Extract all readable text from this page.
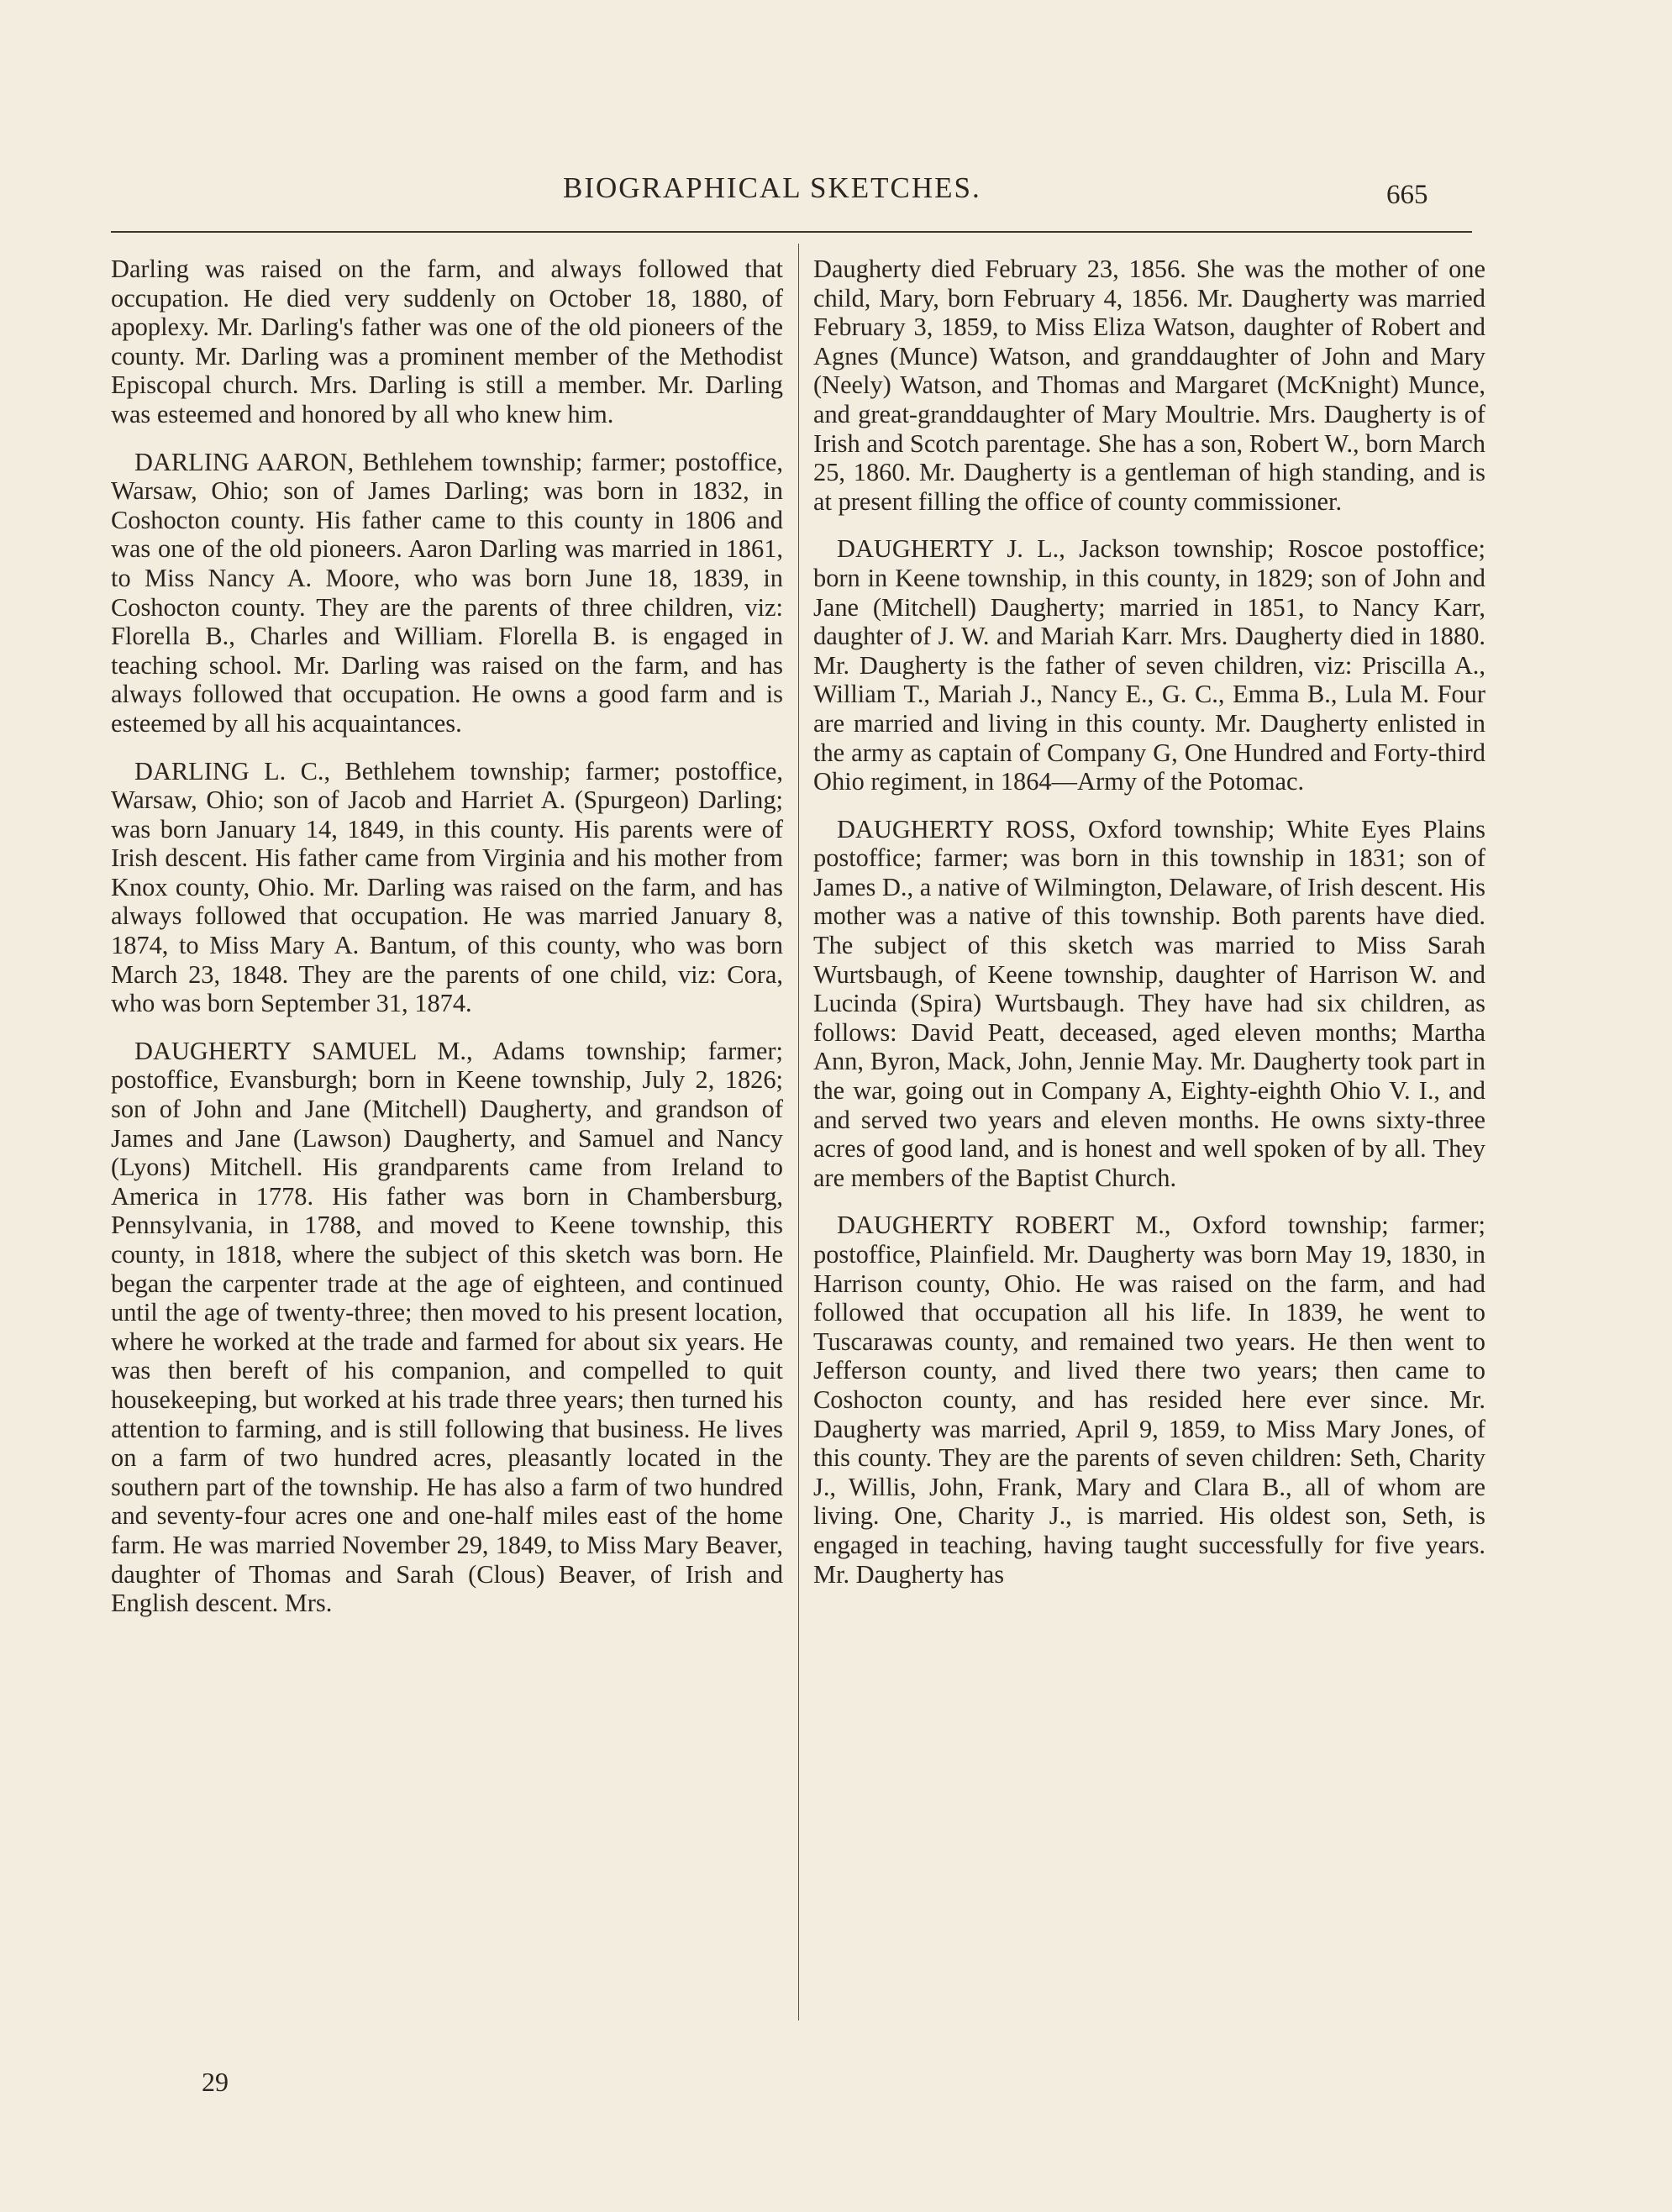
BIOGRAPHICAL SKETCHES.	665

Darling was raised on the farm, and always followed that occupation. He died very suddenly on October 18, 1880, of apoplexy. Mr. Darling's father was one of the old pioneers of the county. Mr. Darling was a prominent member of the Methodist Episcopal church. Mrs. Darling is still a member. Mr. Darling was esteemed and honored by all who knew him.

DARLING AARON, Bethlehem township; farmer; postoffice, Warsaw, Ohio; son of James Darling; was born in 1832, in Coshocton county. His father came to this county in 1806 and was one of the old pioneers. Aaron Darling was married in 1861, to Miss Nancy A. Moore, who was born June 18, 1839, in Coshocton county. They are the parents of three children, viz: Florella B., Charles and William. Florella B. is engaged in teaching school. Mr. Darling was raised on the farm, and has always followed that occupation. He owns a good farm and is esteemed by all his acquaintances.

DARLING L. C., Bethlehem township; farmer; postoffice, Warsaw, Ohio; son of Jacob and Harriet A. (Spurgeon) Darling; was born January 14, 1849, in this county. His parents were of Irish descent. His father came from Virginia and his mother from Knox county, Ohio. Mr. Darling was raised on the farm, and has always followed that occupation. He was married January 8, 1874, to Miss Mary A. Bantum, of this county, who was born March 23, 1848. They are the parents of one child, viz: Cora, who was born September 31, 1874.

DAUGHERTY SAMUEL M., Adams township; farmer; postoffice, Evansburgh; born in Keene township, July 2, 1826; son of John and Jane (Mitchell) Daugherty, and grandson of James and Jane (Lawson) Daugherty, and Samuel and Nancy (Lyons) Mitchell. His grandparents came from Ireland to America in 1778. His father was born in Chambersburg, Pennsylvania, in 1788, and moved to Keene township, this county, in 1818, where the subject of this sketch was born. He began the carpenter trade at the age of eighteen, and continued until the age of twenty-three; then moved to his present location, where he worked at the trade and farmed for about six years. He was then bereft of his companion, and compelled to quit housekeeping, but worked at his trade three years; then turned his attention to farming, and is still following that business. He lives on a farm of two hundred acres, pleasantly located in the southern part of the township. He has also a farm of two hundred and seventy-four acres one and one-half miles east of the home farm. He was married November 29, 1849, to Miss Mary Beaver, daughter of Thomas and Sarah (Clous) Beaver, of Irish and English descent. Mrs.

Daugherty died February 23, 1856. She was the mother of one child, Mary, born February 4, 1856. Mr. Daugherty was married February 3, 1859, to Miss Eliza Watson, daughter of Robert and Agnes (Munce) Watson, and granddaughter of John and Mary (Neely) Watson, and Thomas and Margaret (McKnight) Munce, and great-granddaughter of Mary Moultrie. Mrs. Daugherty is of Irish and Scotch parentage. She has a son, Robert W., born March 25, 1860. Mr. Daugherty is a gentleman of high standing, and is at present filling the office of county commissioner.

DAUGHERTY J. L., Jackson township; Roscoe postoffice; born in Keene township, in this county, in 1829; son of John and Jane (Mitchell) Daugherty; married in 1851, to Nancy Karr, daughter of J. W. and Mariah Karr. Mrs. Daugherty died in 1880. Mr. Daugherty is the father of seven children, viz: Priscilla A., William T., Mariah J., Nancy E., G. C., Emma B., Lula M. Four are married and living in this county. Mr. Daugherty enlisted in the army as captain of Company G, One Hundred and Forty-third Ohio regiment, in 1864—Army of the Potomac.

DAUGHERTY ROSS, Oxford township; White Eyes Plains postoffice; farmer; was born in this township in 1831; son of James D., a native of Wilmington, Delaware, of Irish descent. His mother was a native of this township. Both parents have died. The subject of this sketch was married to Miss Sarah Wurtsbaugh, of Keene township, daughter of Harrison W. and Lucinda (Spira) Wurtsbaugh. They have had six children, as follows: David Peatt, deceased, aged eleven months; Martha Ann, Byron, Mack, John, Jennie May. Mr. Daugherty took part in the war, going out in Company A, Eighty-eighth Ohio V. I., and and served two years and eleven months. He owns sixty-three acres of good land, and is honest and well spoken of by all. They are members of the Baptist Church.

DAUGHERTY ROBERT M., Oxford township; farmer; postoffice, Plainfield. Mr. Daugherty was born May 19, 1830, in Harrison county, Ohio. He was raised on the farm, and had followed that occupation all his life. In 1839, he went to Tuscarawas county, and remained two years. He then went to Jefferson county, and lived there two years; then came to Coshocton county, and has resided here ever since. Mr. Daugherty was married, April 9, 1859, to Miss Mary Jones, of this county. They are the parents of seven children: Seth, Charity J., Willis, John, Frank, Mary and Clara B., all of whom are living. One, Charity J., is married. His oldest son, Seth, is engaged in teaching, having taught successfully for five years. Mr. Daugherty has

29
